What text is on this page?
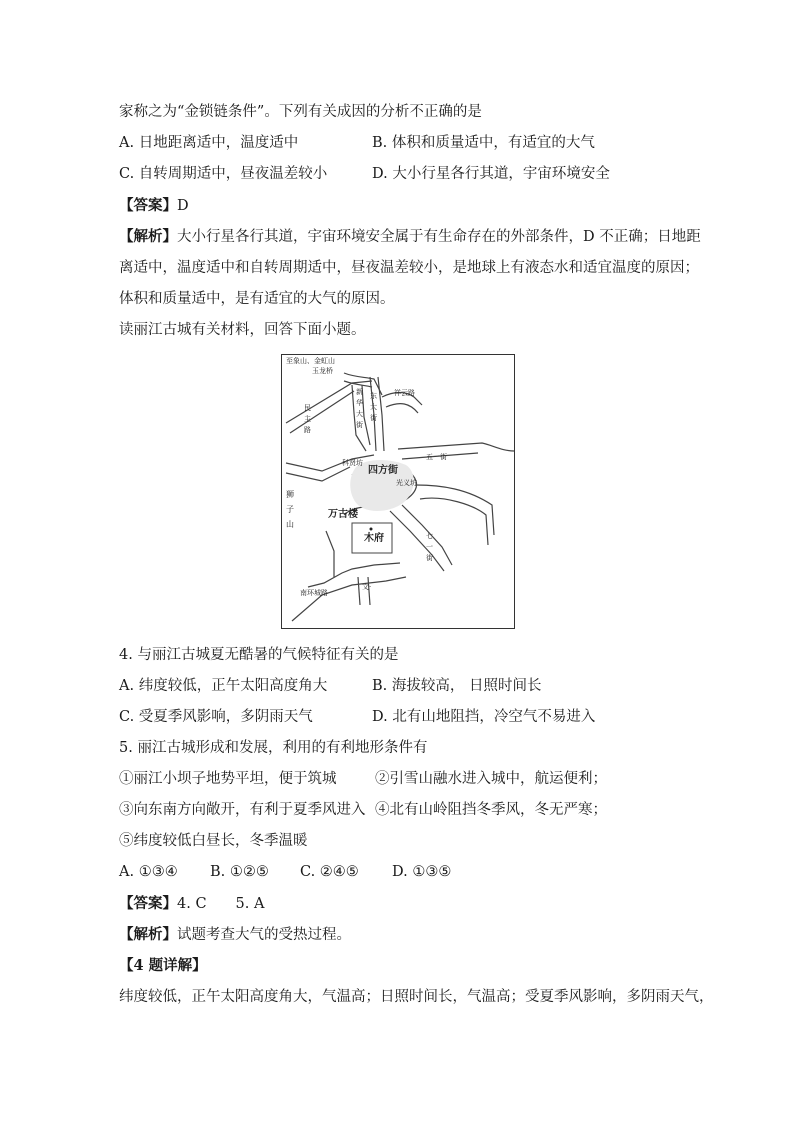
家称之为“金锁链条件”。下列有关成因的分析不正确的是
A. 日地距离适中，温度适中	B. 体积和质量适中，有适宜的大气
C. 自转周期适中，昼夜温差较小	D. 大小行星各行其道，宇宙环境安全
【答案】D
【解析】大小行星各行其道，宇宙环境安全属于有生命存在的外部条件，D 不正确；日地距
离适中，温度适中和自转周期适中，昼夜温差较小，是地球上有液态水和适宜温度的原因；
体积和质量适中，是有适宜的大气的原因。
读丽江古城有关材料，回答下面小题。
至象山、金虹山
玉龙桥
民主路
新华大街
东大街
祥云路
科贤坊
四方街
五一街
光义坊
狮子山
万古楼
木府	七一街
文·
南环城路
4. 与丽江古城夏无酷暑的气候特征有关的是
A. 纬度较低，正午太阳高度角大	B. 海拔较高， 日照时间长
C. 受夏季风影响，多阴雨天气	D. 北有山地阻挡，冷空气不易进入
5. 丽江古城形成和发展，利用的有利地形条件有
①丽江小坝子地势平坦，便于筑城	②引雪山融水进入城中，航运便利；
③向东南方向敞开，有利于夏季风进入 ④北有山岭阻挡冬季风，冬无严寒；
⑤纬度较低白昼长，冬季温暖
A. ①③④ B. ①②⑤ C. ②④⑤ D. ①③⑤
【答案】4. C　　5. A
【解析】试题考查大气的受热过程。
【4 题详解】
纬度较低，正午太阳高度角大，气温高；日照时间长，气温高；受夏季风影响，多阴雨天气，
